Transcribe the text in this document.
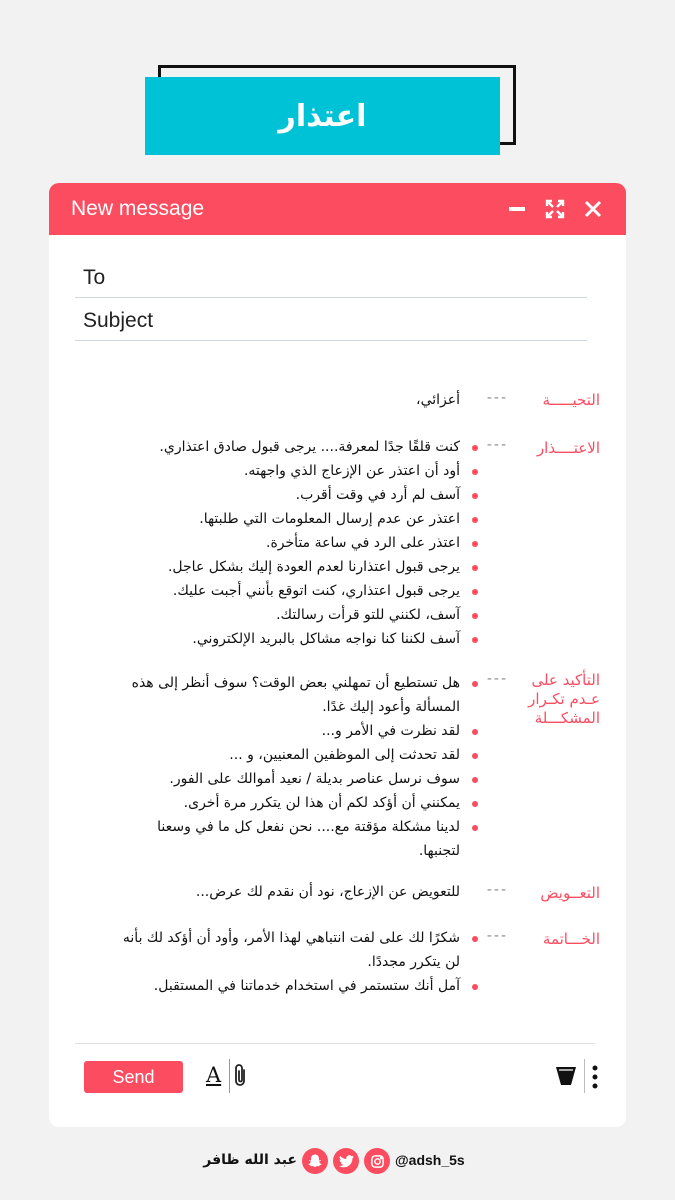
اعتذار
New message
To
Subject
التحيـــــة
---
أعزائي،
الاعتــــذار
---
كنت قلقًا جدًا لمعرفة.... يرجى قبول صادق اعتذاري.
أود أن اعتذر عن الإزعاج الذي واجهته.
آسف لم أرد في وقت أقرب.
اعتذر عن عدم إرسال المعلومات التي طلبتها.
اعتذر على الرد في ساعة متأخرة.
يرجى قبول اعتذارنا لعدم العودة إليك بشكل عاجل.
يرجى قبول اعتذاري، كنت اتوقع بأنني أجبت عليك.
آسف، لكنني للتو قرأت رسالتك.
آسف لكننا كنا نواجه مشاكل بالبريد الإلكتروني.
التأكيد على
عـدم تكـرار
المشكـــلة
---
هل تستطيع أن تمهلني بعض الوقت؟ سوف أنظر إلى هذه المسألة وأعود إليك غدًا.
لقد نظرت في الأمر و...
لقد تحدثت إلى الموظفين المعنيين، و ...
سوف نرسل عناصر بديلة / نعيد أموالك على الفور.
يمكنني أن أؤكد لكم أن هذا لن يتكرر مرة أخرى.
لدينا مشكلة مؤقتة مع.... نحن نفعل كل ما في وسعنا لتجنبها.
التعــويض
---
للتعويض عن الإزعاج، نود أن نقدم لك عرض...
الخـــاتمة
---
شكرًا لك على لفت انتباهي لهذا الأمر، وأود أن أؤكد لك بأنه لن يتكرر مجددًا.
آمل أنك ستستمر في استخدام خدماتنا في المستقبل.
Send	A
عبد الله ظافر	@adsh_5s
